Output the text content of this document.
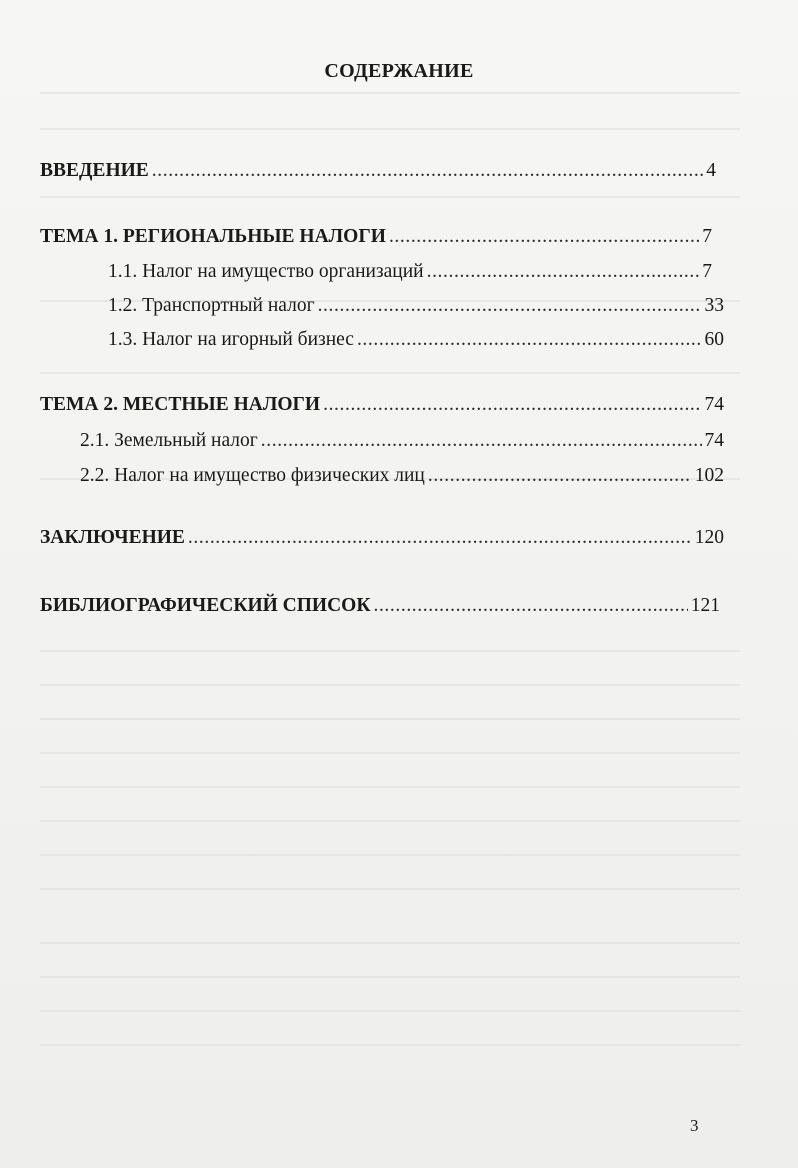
СОДЕРЖАНИЕ
ВВЕДЕНИЕ .....	4
ТЕМА 1. РЕГИОНАЛЬНЫЕ НАЛОГИ .....	7
1.1. Налог на имущество организаций .....	7
1.2. Транспортный налог .....	33
1.3. Налог на игорный бизнес .....	60
ТЕМА 2. МЕСТНЫЕ НАЛОГИ .....	74
2.1. Земельный налог .....	74
2.2. Налог на имущество физических лиц .....	102
ЗАКЛЮЧЕНИЕ .....	120
БИБЛИОГРАФИЧЕСКИЙ СПИСОК .....	121
3
